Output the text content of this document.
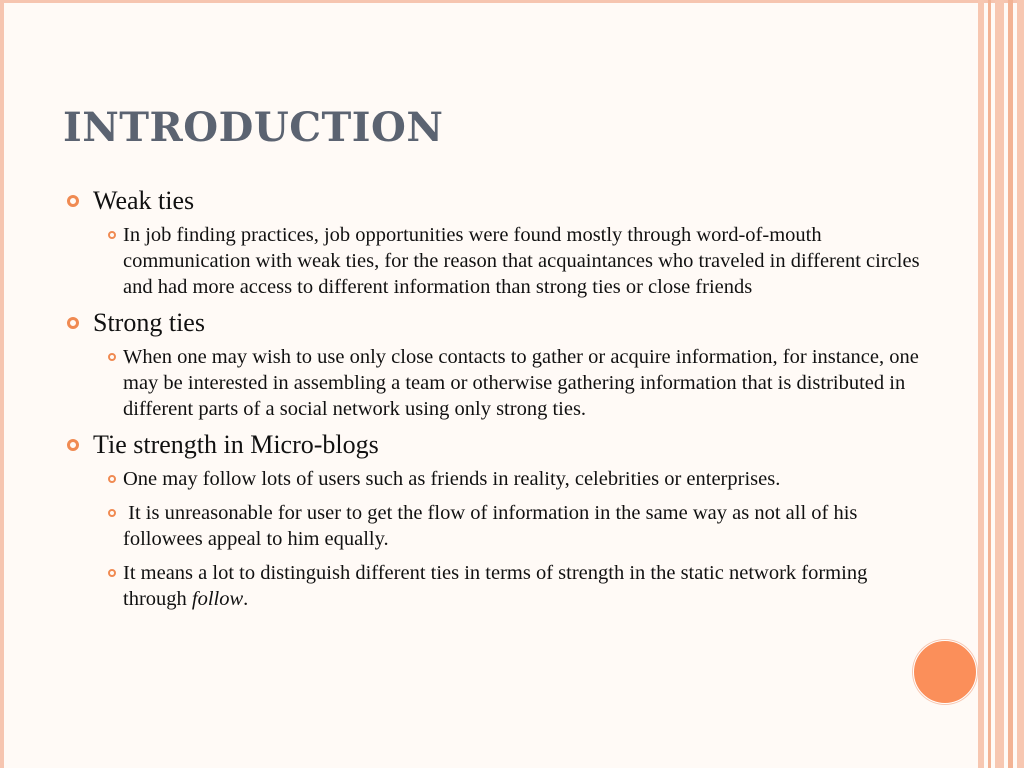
INTRODUCTION
Weak ties
In job finding practices, job opportunities were found mostly through word-of-mouth communication with weak ties, for the reason that acquaintances who traveled in different circles and had more access to different information than strong ties or close friends
Strong ties
When one may wish to use only close contacts to gather or acquire information, for instance, one may be interested in assembling a team or otherwise gathering information that is distributed in different parts of a social network using only strong ties.
Tie strength in Micro-blogs
One may follow lots of users such as friends in reality, celebrities or enterprises.
It is unreasonable for user to get the flow of information in the same way as not all of his followees appeal to him equally.
It means a lot to distinguish different ties in terms of strength in the static network forming through follow.
